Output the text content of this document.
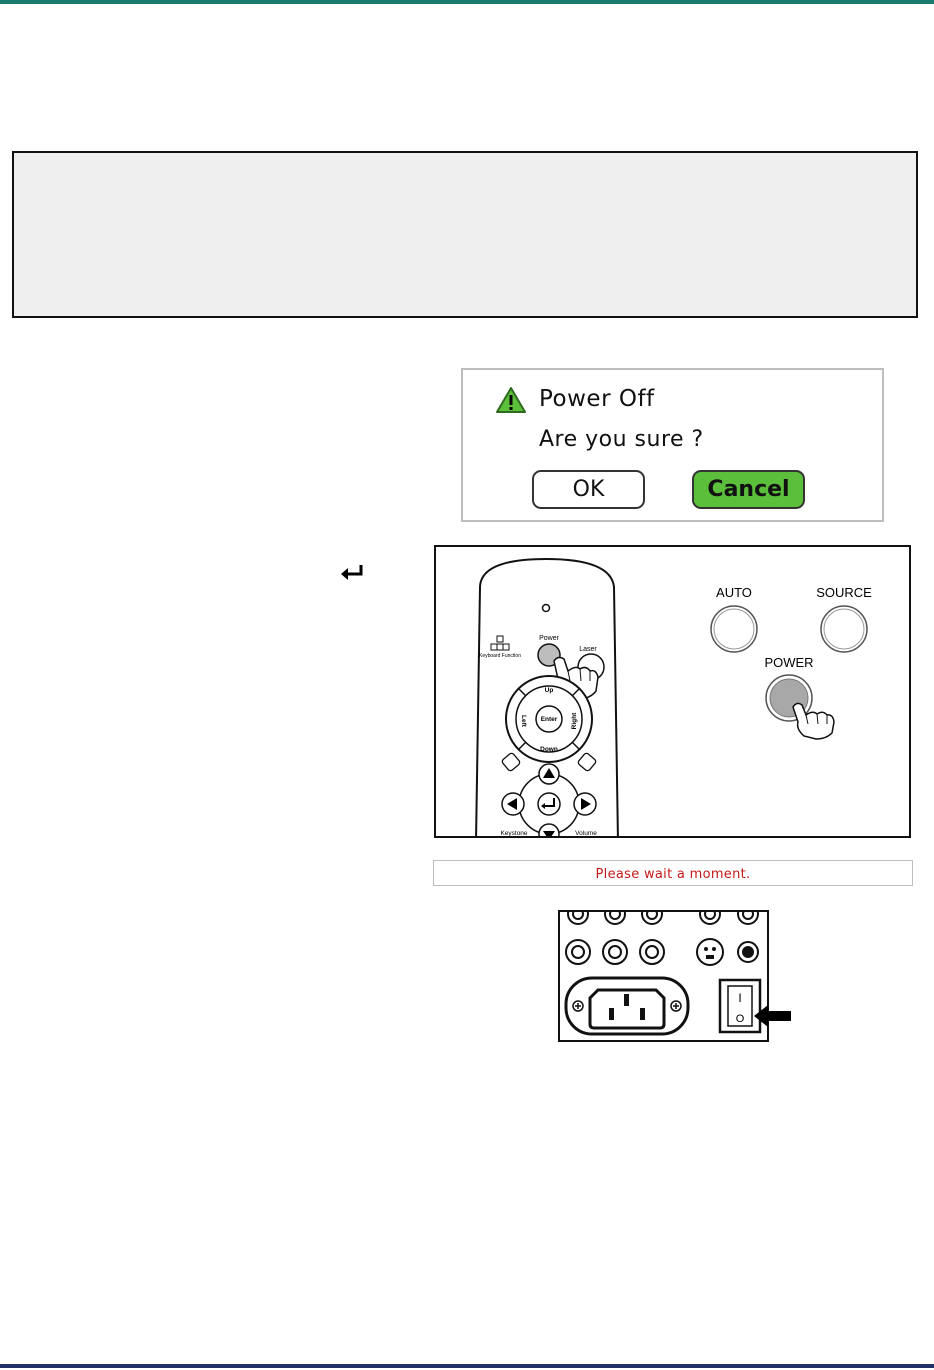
Power Off
Are you sure ?
OK	Cancel
Keyboard Function
Power
Laser
Up
Down
Left	Right
Enter
Keystone	Volume
AUTO	SOURCE
POWER
Please wait a moment.
I
O
